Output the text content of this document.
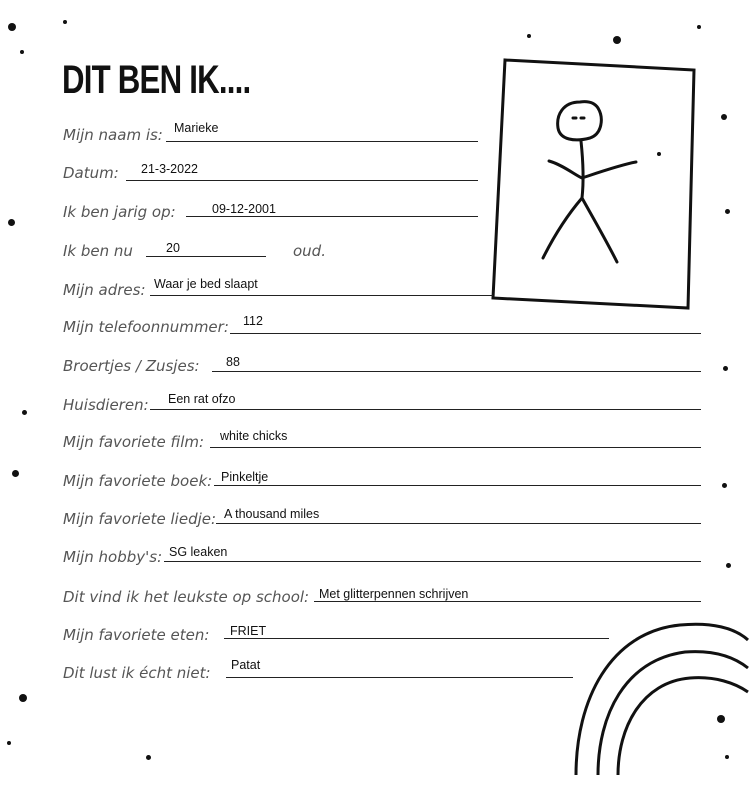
DIT BEN IK....
Mijn naam is: Marieke
Datum: 21-3-2022
Ik ben jarig op:	09-12-2001
Ik ben nu	20	oud.
Mijn adres: Waar je bed slaapt
Mijn telefoonnummer: 112
Broertjes / Zusjes: 88
Huisdieren: Een rat ofzo
Mijn favoriete film: white chicks
Mijn favoriete boek: Pinkeltje
Mijn favoriete liedje: A thousand miles
Mijn hobby's: SG leaken
Dit vind ik het leukste op school: Met glitterpennen schrijven
Mijn favoriete eten: FRIET
Dit lust ik écht niet: Patat
